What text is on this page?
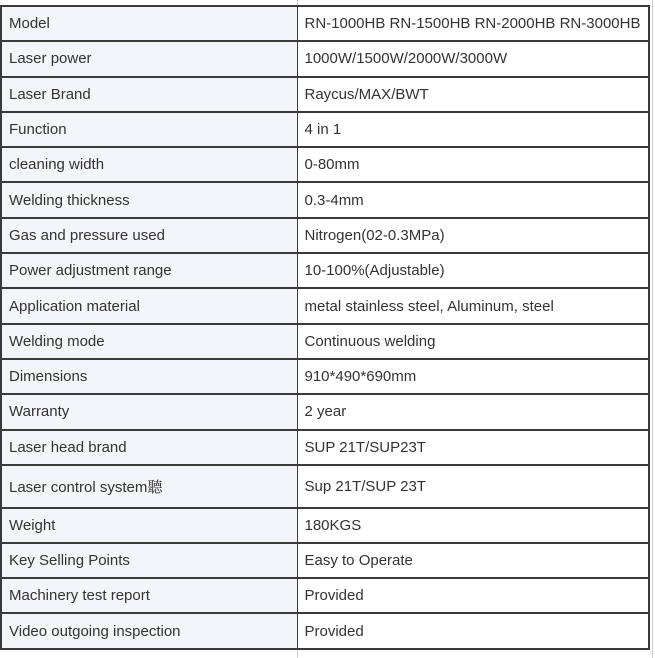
Model	RN-1000HB RN-1500HB RN-2000HB RN-3000HB
Laser power	1000W/1500W/2000W/3000W
Laser Brand	Raycus/MAX/BWT
Function	4 in 1
cleaning width	0-80mm
Welding thickness	0.3-4mm
Gas and pressure used	Nitrogen(02-0.3MPa)
Power adjustment range	10-100%(Adjustable)
Application material	metal stainless steel, Aluminum, steel
Welding mode	Continuous welding
Dimensions	910*490*690mm
Warranty	2 year
Laser head brand	SUP 21T/SUP23T
Laser control system聽	Sup 21T/SUP 23T
Weight	180KGS
Key Selling Points	Easy to Operate
Machinery test report	Provided
Video outgoing inspection	Provided
